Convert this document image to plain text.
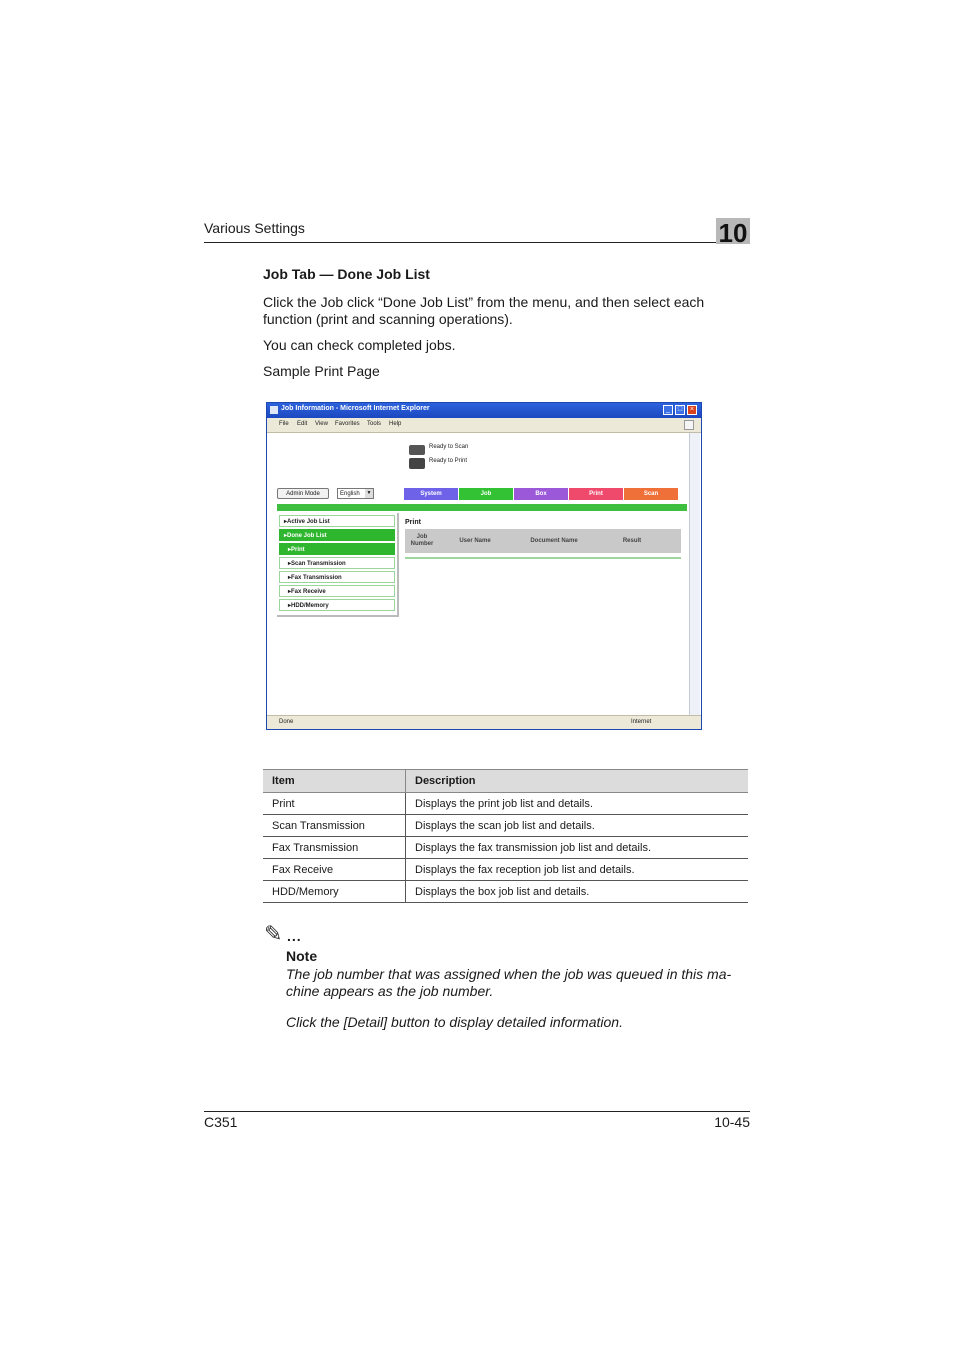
Various Settings	10
Job Tab — Done Job List
Click the Job click “Done Job List” from the menu, and then select each function (print and scanning operations).
You can check completed jobs.
Sample Print Page
Job Information - Microsoft Internet Explorer	_	□	×
File Edit View Favorites Tools Help
Ready to Scan
Ready to Print
Admin Mode	English	▼	System	Job	Box	Print	Scan
▸Active Job List
▸Done Job List
▸Print
▸Scan Transmission
▸Fax Transmission
▸Fax Receive
▸HDD/Memory
Print
Job Number
User Name	Document Name	Result
Done	Internet
Item	Description
Print	Displays the print job list and details.
Scan Transmission	Displays the scan job list and details.
Fax Transmission	Displays the fax transmission job list and details.
Fax Receive	Displays the fax reception job list and details.
HDD/Memory	Displays the box job list and details.
✎ ...
Note
The job number that was assigned when the job was queued in this ma- chine appears as the job number.
Click the [Detail] button to display detailed information.
C351	10-45
